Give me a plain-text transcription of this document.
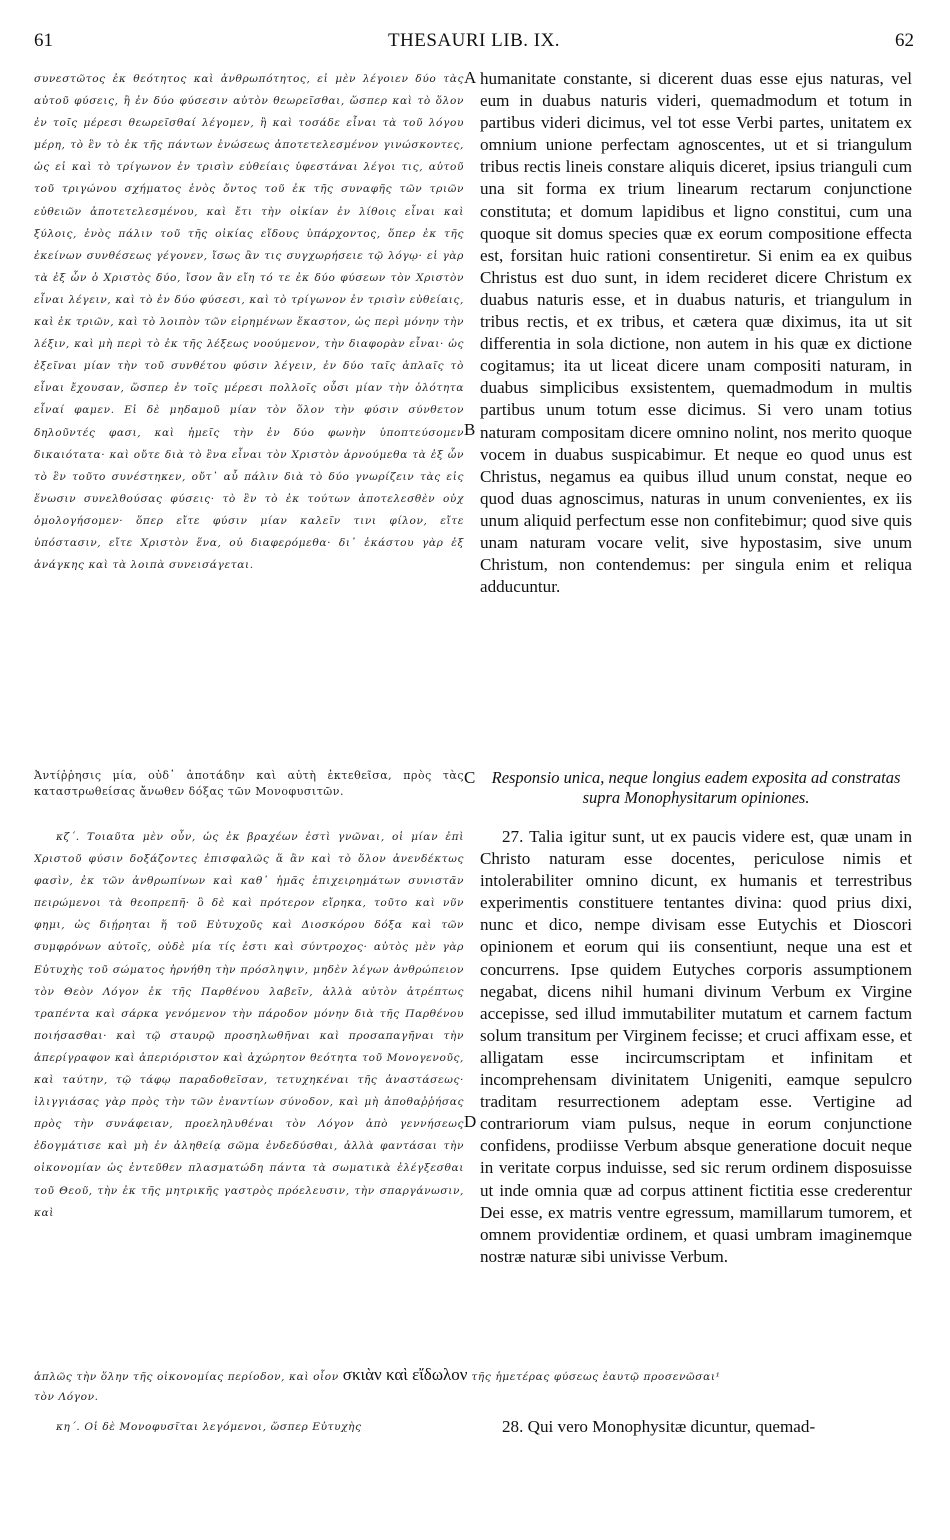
61	THESAURI LIB. IX.	62
συνεστῶτος ἐκ θεότητος καὶ ἀνθρωπότητος, εἰ μὲν λέγοιεν δύο τὰς αὐτοῦ φύσεις, ἢ ἐν δύο φύσεσιν αὐτὸν θεωρεῖσθαι, ὥσπερ καὶ τὸ ὅλον ἐν τοῖς μέρεσι θεωρεῖσθαί λέγομεν, ἢ καὶ τοσάδε εἶναι τὰ τοῦ λόγου μέρη, τὸ ἓν τὸ ἐκ τῆς πάντων ἑνώσεως ἀποτετελεσμένον γινώσκοντες, ὡς εἰ καὶ τὸ τρίγωνον ἐν τρισὶν εὐθείαις ὑφεστάναι λέγοι τις, αὐτοῦ τοῦ τριγώνου σχήματος ἑνὸς ὄντος τοῦ ἐκ τῆς συναφῆς τῶν τριῶν εὐθειῶν ἀποτετελεσμένου, καὶ ἔτι τὴν οἰκίαν ἐν λίθοις εἶναι καὶ ξύλοις, ἑνὸς πάλιν τοῦ τῆς οἰκίας εἴδους ὑπάρχοντος, ὅπερ ἐκ τῆς ἐκείνων συνθέσεως γέγονεν, ἴσως ἂν τις συγχωρήσειε τῷ λόγῳ· εἰ γὰρ τὰ ἐξ ὧν ὁ Χριστὸς δύο, ἴσον ἂν εἴη τό τε ἐκ δύο φύσεων τὸν Χριστὸν εἶναι λέγειν, καὶ τὸ ἐν δύο φύσεσι, καὶ τὸ τρίγωνον ἐν τρισὶν εὐθείαις, καὶ ἐκ τριῶν, καὶ τὸ λοιπὸν τῶν εἰρημένων ἕκαστον, ὡς περὶ μόνην τὴν λέξιν, καὶ μὴ περὶ τὸ ἐκ τῆς λέξεως νοούμενον, τὴν διαφορὰν εἶναι· ὡς ἐξεῖναι μίαν τὴν τοῦ συνθέτου φύσιν λέγειν, ἐν δύο ταῖς ἁπλαῖς τὸ εἶναι ἔχουσαν, ὥσπερ ἐν τοῖς μέρεσι πολλοῖς οὖσι μίαν τὴν ὁλότητα εἶναί φαμεν. Εἰ δὲ μηδαμοῦ μίαν τὸν ὅλον τὴν φύσιν σύνθετον δηλοῦντές φασι, καὶ ἡμεῖς τὴν ἐν δύο φωνὴν ὑποπτεύσομεν δικαιότατα· καὶ οὔτε διὰ τὸ ἓνα εἶναι τὸν Χριστὸν ἀρνούμεθα τὰ ἐξ ὧν τὸ ἓν τοῦτο συνέστηκεν, οὔτ᾽ αὖ πάλιν διὰ τὸ δύο γνωρίζειν τὰς εἰς ἕνωσιν συνελθούσας φύσεις· τὸ ἓν τὸ ἐκ τούτων ἀποτελεσθὲν οὐχ ὁμολογήσομεν· ὅπερ εἴτε φύσιν μίαν καλεῖν τινι φίλον, εἴτε ὑπόστασιν, εἴτε Χριστὸν ἕνα, οὐ διαφερόμεθα· δι᾽ ἑκάστου γὰρ ἐξ ἀνάγκης καὶ τὰ λοιπὰ συνεισάγεται.
Ἀντίῤῥησις μία, οὐδ᾽ ἀποτάδην καὶ αὐτὴ ἐκτεθεῖσα, πρὸς τὰς καταστρωθείσας ἄνωθεν δόξας τῶν Μονοφυσιτῶν.
κζ΄. Τοιαῦτα μὲν οὖν, ὡς ἐκ βραχέων ἐστὶ γνῶναι, οἱ μίαν ἐπὶ Χριστοῦ φύσιν δοξάζοντες ἐπισφαλῶς ἅ ἂν καὶ τὸ ὅλον ἀνενδέκτως φασὶν, ἐκ τῶν ἀνθρωπίνων καὶ καθ᾽ ἡμᾶς ἐπιχειρημάτων συνιστᾶν πειρώμενοι τὰ θεοπρεπῆ· ὃ δὲ καὶ πρότερον εἴρηκα, τοῦτο καὶ νῦν φημι, ὡς διῄρηται ἥ τοῦ Εὐτυχοῦς καὶ Διοσκόρου δόξα καὶ τῶν συμφρόνων αὐτοῖς, οὐδὲ μία τίς ἐστι καὶ σύντροχος· αὐτὸς μὲν γὰρ Εὐτυχὴς τοῦ σώματος ἠρνήθη τὴν πρόσληψιν, μηδὲν λέγων ἀνθρώπειον τὸν Θεὸν Λόγον ἐκ τῆς Παρθένου λαβεῖν, ἀλλὰ αὐτὸν ἀτρέπτως τραπέντα καὶ σάρκα γενόμενον τὴν πάροδον μόνην διὰ τῆς Παρθένου ποιήσασθαι· καὶ τῷ σταυρῷ προσηλωθῆναι καὶ προσαπαγῆναι τὴν ἀπερίγραφον καὶ ἀπεριόριστον καὶ ἀχώρητον θεότητα τοῦ Μονογενοῦς, καὶ ταύτην, τῷ τάφῳ παραδοθεῖσαν, τετυχηκέναι τῆς ἀναστάσεως· ἰλιγγιάσας γὰρ πρὸς τὴν τῶν ἐναντίων σύνοδον, καὶ μὴ ἀποθαῤῥήσας πρὸς τὴν συνάφειαν, προεληλυθέναι τὸν Λόγον ἀπὸ γεννήσεως ἐδογμάτισε καὶ μὴ ἐν ἀληθείᾳ σῶμα ἐνδεδύσθαι, ἀλλὰ φαντάσαι τὴν οἰκονομίαν ὡς ἐντεῦθεν πλασματώδη πάντα τὰ σωματικὰ ἐλέγξεσθαι τοῦ Θεοῦ, τὴν ἐκ τῆς μητρικῆς γαστρὸς πρόελευσιν, τὴν σπαργάνωσιν, καὶ
humanitate constante, si dicerent duas esse ejus naturas, vel eum in duabus naturis videri, quemadmodum et totum in partibus videri dicimus, vel tot esse Verbi partes, unitatem ex omnium unione perfectam agnoscentes, ut et si triangulum tribus rectis lineis constare aliquis diceret, ipsius trianguli cum una sit forma ex trium linearum rectarum conjunctione constituta; et domum lapidibus et ligno constitui, cum una quoque sit domus species quæ ex eorum compositione effecta est, forsitan huic rationi consentiretur. Si enim ea ex quibus Christus est duo sunt, in idem recideret dicere Christum ex duabus naturis esse, et in duabus naturis, et triangulum in tribus rectis, et ex tribus, et cætera quæ diximus, ita ut sit differentia in sola dictione, non autem in his quæ ex dictione cogitamus; ita ut liceat dicere unam compositi naturam, in duabus simplicibus exsistentem, quemadmodum in multis partibus unum totum esse dicimus. Si vero unam totius naturam compositam dicere omnino nolint, nos merito quoque vocem in duabus suspicabimur. Et neque eo quod unus est Christus, negamus ea quibus illud unum constat, neque eo quod duas agnoscimus, naturas in unum convenientes, ex iis unum aliquid perfectum esse non confitebimur; quod sive quis unam naturam vocare velit, sive hypostasim, sive unum Christum, non contendemus: per singula enim et reliqua adducuntur.
Responsio unica, neque longius eadem exposita ad constratas supra Monophysitarum opiniones.
27. Talia igitur sunt, ut ex paucis videre est, quæ unam in Christo naturam esse docentes, periculose nimis et intolerabiliter omnino dicunt, ex humanis et terrestribus experimentis constituere tentantes divina: quod prius dixi, nunc et dico, nempe divisam esse Eutychis et Dioscori opinionem et eorum qui iis consentiunt, neque una est et concurrens. Ipse quidem Eutyches corporis assumptionem negabat, dicens nihil humani divinum Verbum ex Virgine accepisse, sed illud immutabiliter mutatum et carnem factum solum transitum per Virginem fecisse; et cruci affixam esse, et alligatam esse incircumscriptam et infinitam et incomprehensam divinitatem Unigeniti, eamque sepulcro traditam resurrectionem adeptam esse. Vertigine ad contrariorum viam pulsus, neque in eorum conjunctione confidens, prodiisse Verbum absque generatione docuit neque in veritate corpus induisse, sed sic rerum ordinem disposuisse ut inde omnia quæ ad corpus attinent fictitia esse crederentur Dei esse, ex matris ventre egressum, mamillarum tumorem, et omnem providentiæ ordinem, et quasi umbram imaginemque nostræ naturæ sibi univisse Verbum.
A
B
C
D
ἁπλῶς τὴν ὅλην τῆς οἰκονομίας περίοδον, καὶ οἷον σκιὰν καὶ εἴδωλον τῆς ἡμετέρας φύσεως ἑαυτῷ προσενῶσαι¹
τὸν Λόγον.
κη΄. Οἱ δὲ Μονοφυσῖται λεγόμενοι, ὥσπερ Εὐτυχὴς	28. Qui vero Monophysitæ dicuntur, quemad-
